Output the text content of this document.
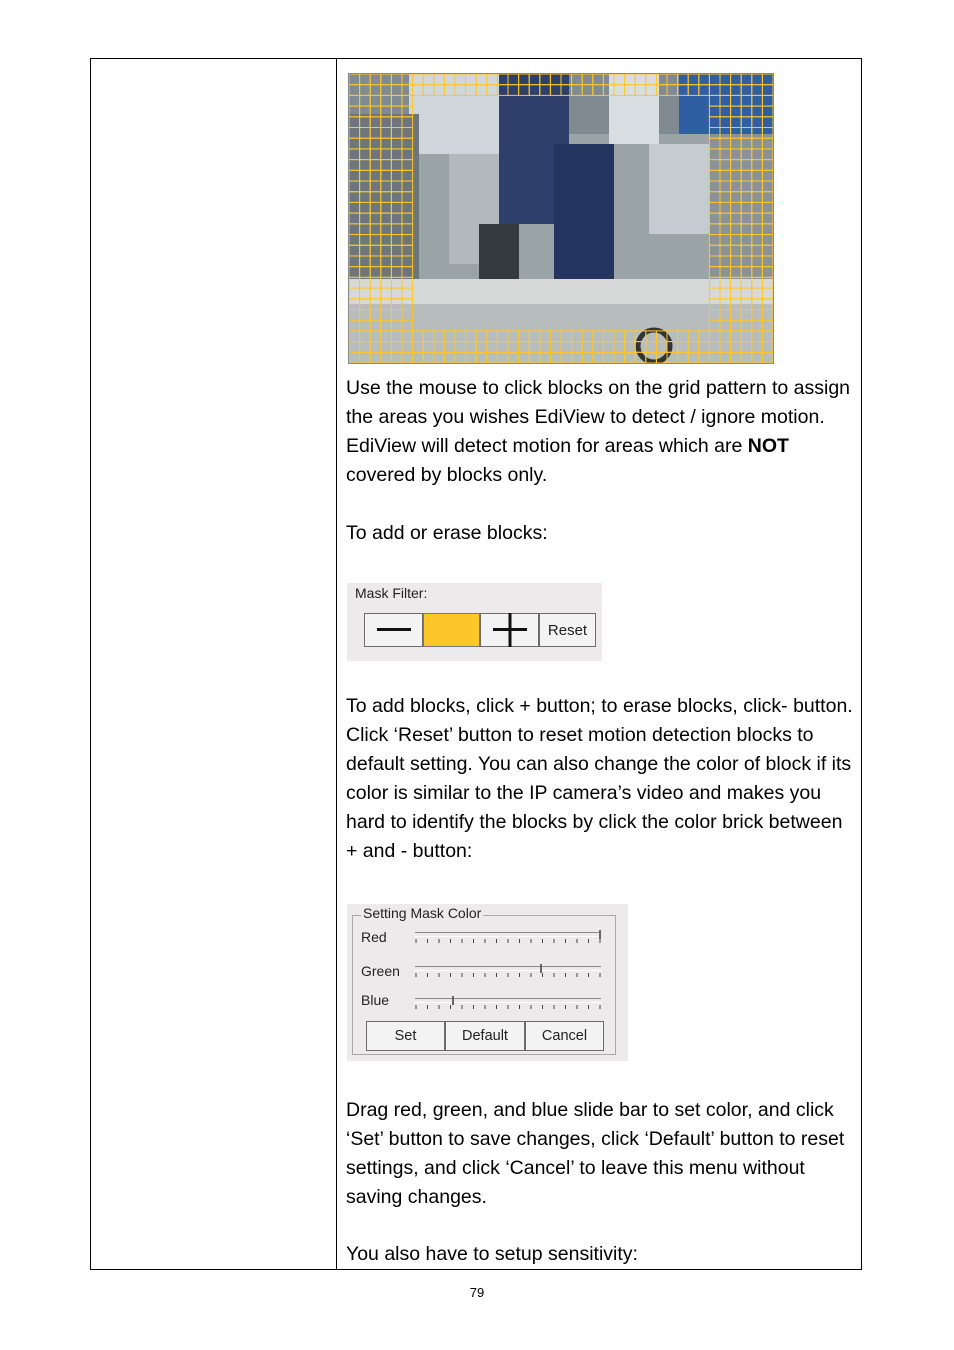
Use the mouse to click blocks on the grid pattern to assign the areas you wishes EdiView to detect / ignore motion.    EdiView will detect motion for areas which are NOT covered by blocks only.

To add or erase blocks:

To add blocks, click + button; to erase blocks, click- button. Click ‘Reset’ button to reset motion detection blocks to default setting. You can also change the color of block if its color is similar to the IP camera’s video and makes you hard to identify the blocks by click the color brick between + and - button:

Drag red, green, and blue slide bar to set color, and click ‘Set’ button to save changes, click ‘Default’ button to reset settings, and click ‘Cancel’ to leave this menu without saving changes.

You also have to setup sensitivity:

Mask Filter:
Reset
Setting Mask Color
Red
Green
Blue
Set	Default	Cancel
79
